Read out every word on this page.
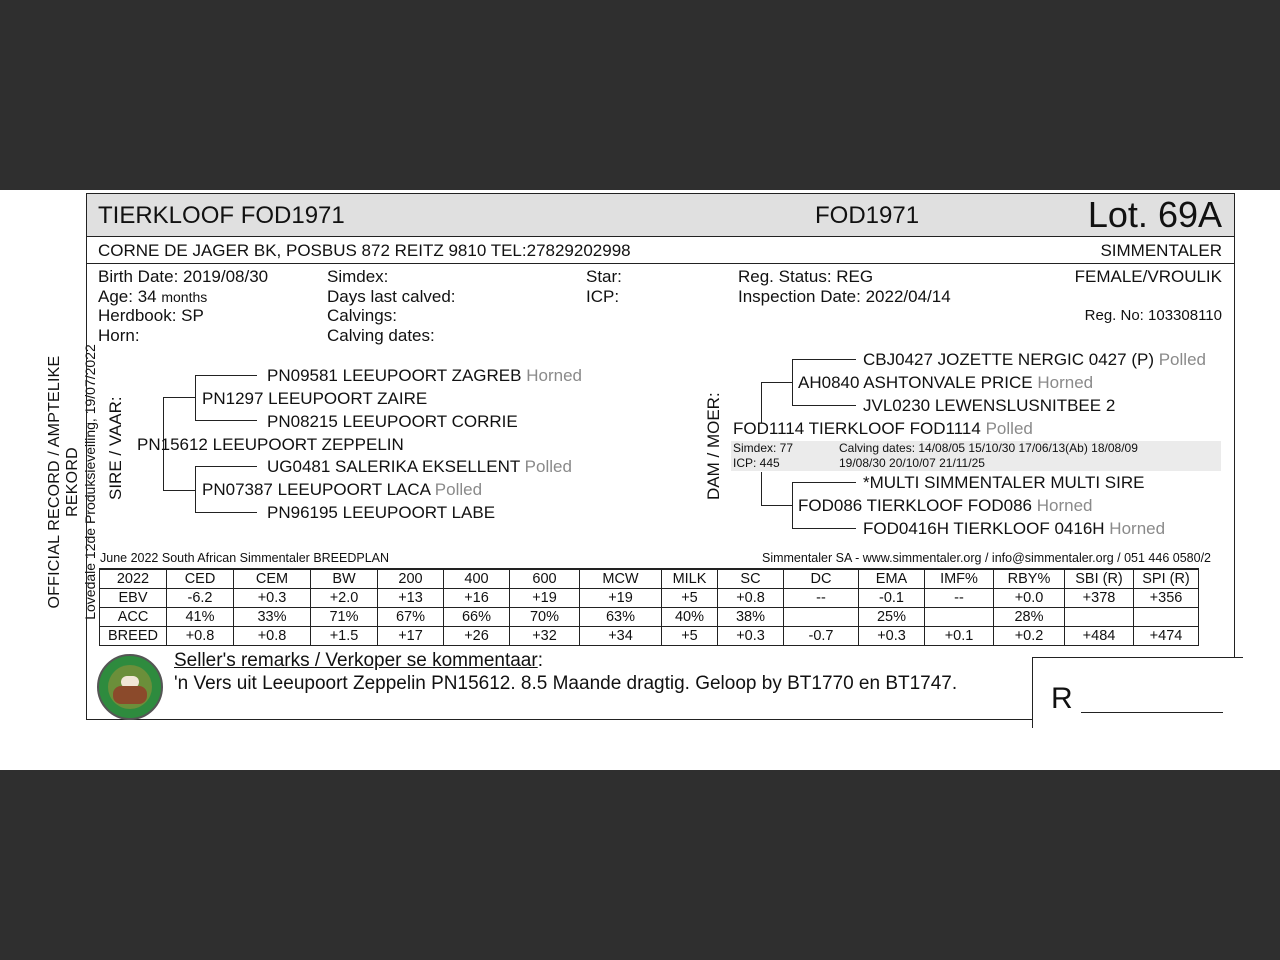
OFFICIAL RECORD / AMPTELIKE REKORD Lovedale 12de Produksieveiling, 19/07/2022
TIERKLOOF FOD1971	FOD1971	Lot. 69A
CORNE DE JAGER BK, POSBUS 872 REITZ 9810 TEL:27829202998	SIMMENTALER
Birth Date: 2019/08/30
Age: 34 months
Herdbook: SP
Horn:
Simdex:
Days last calved:
Calvings:
Calving dates:
Star:
ICP:
Reg. Status: REG
Inspection Date: 2022/04/14
FEMALE/VROULIK
Reg. No: 103308110
SIRE / VAAR:
PN09581 LEEUPOORT ZAGREB Horned
PN1297 LEEUPOORT ZAIRE
PN08215 LEEUPOORT CORRIE
PN15612 LEEUPOORT ZEPPELIN
UG0481 SALERIKA EKSELLENT Polled
PN07387 LEEUPOORT LACA Polled
PN96195 LEEUPOORT LABE
DAM / MOER:
CBJ0427 JOZETTE NERGIC 0427 (P) Polled
AH0840 ASHTONVALE PRICE Horned
JVL0230 LEWENSLUSNITBEE 2
FOD1114 TIERKLOOF FOD1114 Polled
Simdex: 77
ICP: 445
Calving dates: 14/08/05 15/10/30 17/06/13(Ab) 18/08/09
19/08/30 20/10/07 21/11/25
*MULTI SIMMENTALER MULTI SIRE
FOD086 TIERKLOOF FOD086 Horned
FOD0416H TIERKLOOF 0416H Horned
June 2022 South African Simmentaler BREEDPLAN	Simmentaler SA - www.simmentaler.org / info@simmentaler.org / 051 446 0580/2
2022	CED	CEM	BW	200	400	600	MCW	MILK	SC	DC	EMA	IMF%	RBY%	SBI (R)	SPI (R)
EBV	-6.2	+0.3	+2.0	+13	+16	+19	+19	+5	+0.8	--	-0.1	--	+0.0	+378	+356
ACC	41%	33%	71%	67%	66%	70%	63%	40%	38%		25%		28%		
BREED	+0.8	+0.8	+1.5	+17	+26	+32	+34	+5	+0.3	-0.7	+0.3	+0.1	+0.2	+484	+474
Seller's remarks / Verkoper se kommentaar:
'n Vers uit Leeupoort Zeppelin PN15612. 8.5 Maande dragtig. Geloop by BT1770 en BT1747.	R
